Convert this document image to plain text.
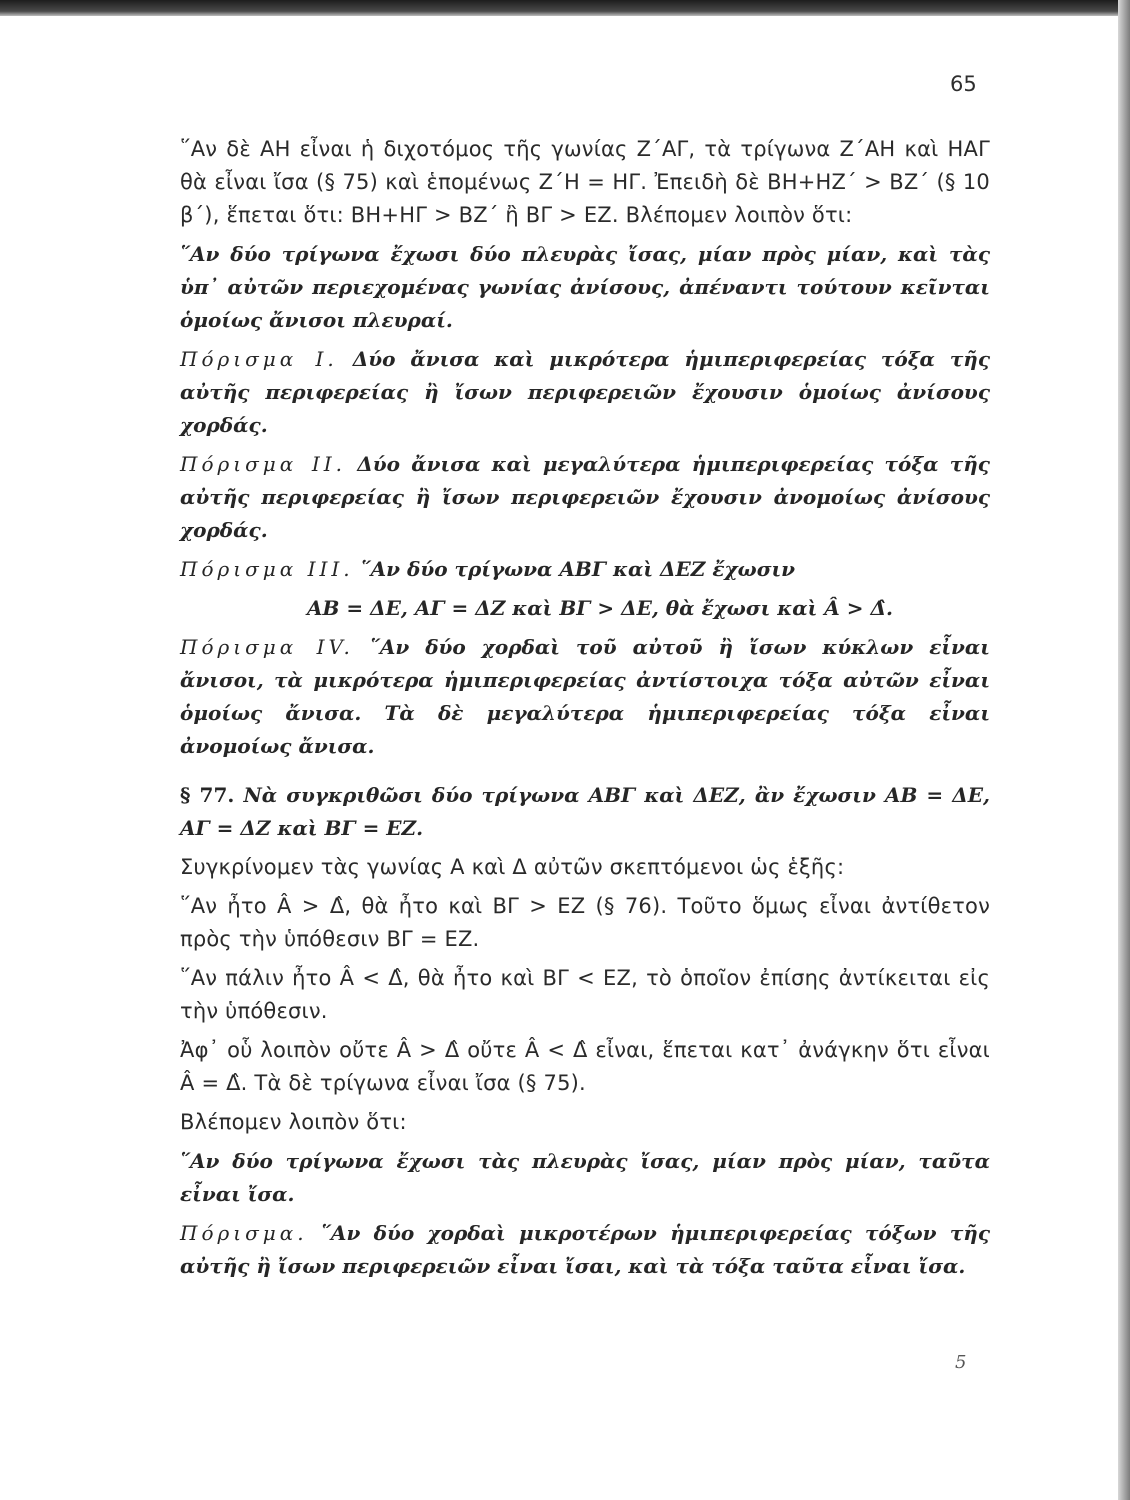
65

῞Αν δὲ ΑΗ εἶναι ἡ διχοτόμος τῆς γωνίας Ζ΄ΑΓ, τὰ τρίγωνα Ζ΄ΑΗ καὶ ΗΑΓ θὰ εἶναι ἴσα (§ 75) καὶ ἑπομένως Ζ΄Η = ΗΓ. Ἐπειδὴ δὲ ΒΗ+ΗΖ΄ > ΒΖ΄ (§ 10 β΄), ἕπεται ὅτι: ΒΗ+ΗΓ > ΒΖ΄ ἢ ΒΓ > ΕΖ. Βλέπομεν λοιπὸν ὅτι:

῞Αν δύο τρίγωνα ἔχωσι δύο πλευρὰς ἴσας, μίαν πρὸς μίαν, καὶ τὰς ὑπ᾽ αὐτῶν περιεχομένας γωνίας ἀνίσους, ἀπέναντι τούτουν κεῖνται ὁμοίως ἄνισοι πλευραί.

Πόρισμα Ι. Δύο ἄνισα καὶ μικρότερα ἡμιπεριφερείας τόξα τῆς αὐτῆς περιφερείας ἢ ἴσων περιφερειῶν ἔχουσιν ὁμοίως ἀνίσους χορδάς.

Πόρισμα ΙΙ. Δύο ἄνισα καὶ μεγαλύτερα ἡμιπεριφερείας τόξα τῆς αὐτῆς περιφερείας ἢ ἴσων περιφερειῶν ἔχουσιν ἀνομοίως ἀνίσους χορδάς.

Πόρισμα ΙΙΙ. ῞Αν δύο τρίγωνα ΑΒΓ καὶ ΔΕΖ ἔχωσιν

ΑΒ = ΔΕ, ΑΓ = ΔΖ καὶ ΒΓ > ΔΕ, θὰ ἔχωσι καὶ Â > Δ̂.

Πόρισμα ΙV. ῞Αν δύο χορδαὶ τοῦ αὐτοῦ ἢ ἴσων κύκλων εἶναι ἄνισοι, τὰ μικρότερα ἡμιπεριφερείας ἀντίστοιχα τόξα αὐτῶν εἶναι ὁμοίως ἄνισα. Τὰ δὲ μεγαλύτερα ἡμιπεριφερείας τόξα εἶναι ἀνομοίως ἄνισα.

§ 77. Νὰ συγκριθῶσι δύο τρίγωνα ΑΒΓ καὶ ΔΕΖ, ἂν ἔχωσιν ΑΒ = ΔΕ, ΑΓ = ΔΖ καὶ ΒΓ = ΕΖ.

Συγκρίνομεν τὰς γωνίας Α καὶ Δ αὐτῶν σκεπτόμενοι ὡς ἑξῆς:

῞Αν ἦτο Â > Δ̂, θὰ ἦτο καὶ ΒΓ > ΕΖ (§ 76). Τοῦτο ὅμως εἶναι ἀντίθετον πρὸς τὴν ὑπόθεσιν ΒΓ = ΕΖ.

῞Αν πάλιν ἦτο Â < Δ̂, θὰ ἦτο καὶ ΒΓ < ΕΖ, τὸ ὁποῖον ἐπίσης ἀντίκειται εἰς τὴν ὑπόθεσιν.

Ἀφ᾽ οὗ λοιπὸν οὔτε Â > Δ̂ οὔτε Â < Δ̂ εἶναι, ἕπεται κατ᾽ ἀνάγκην ὅτι εἶναι Â = Δ̂. Τὰ δὲ τρίγωνα εἶναι ἴσα (§ 75).

Βλέπομεν λοιπὸν ὅτι:

῞Αν δύο τρίγωνα ἔχωσι τὰς πλευρὰς ἴσας, μίαν πρὸς μίαν, ταῦτα εἶναι ἴσα.

Πόρισμα. ῞Αν δύο χορδαὶ μικροτέρων ἡμιπεριφερείας τόξων τῆς αὐτῆς ἢ ἴσων περιφερειῶν εἶναι ἴσαι, καὶ τὰ τόξα ταῦτα εἶναι ἴσα.

5
